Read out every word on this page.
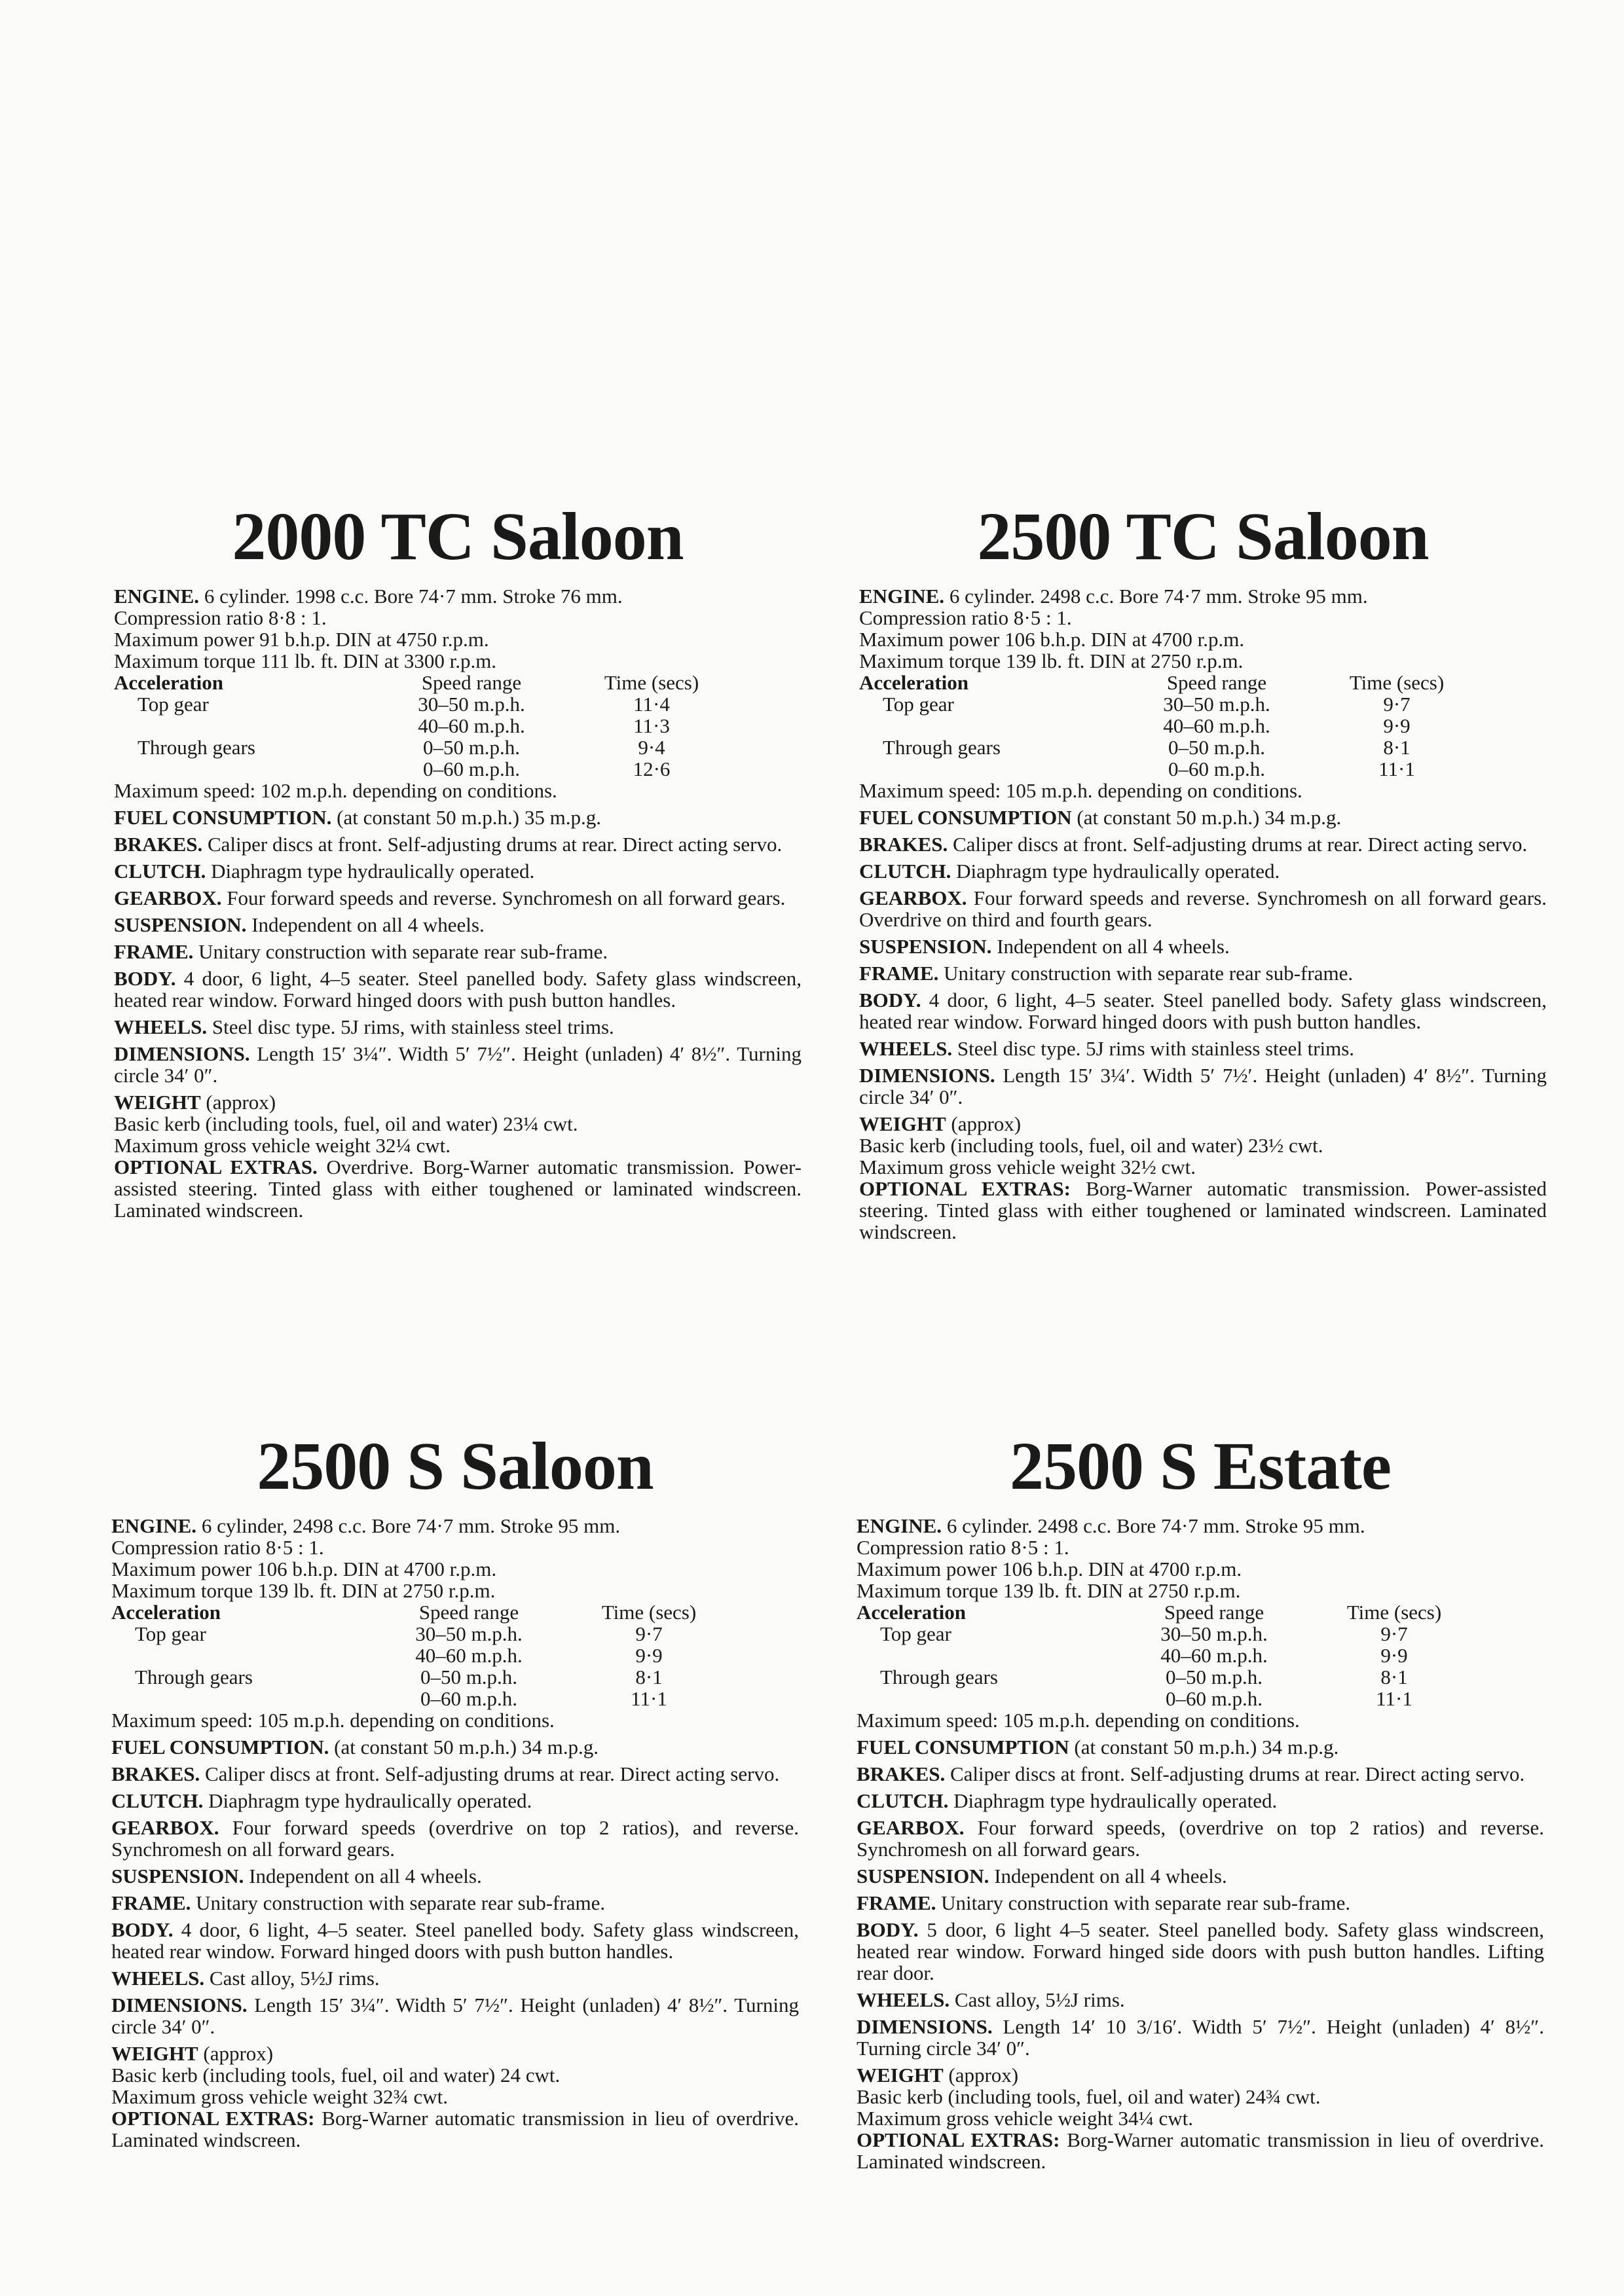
2000 TC Saloon
ENGINE. 6 cylinder. 1998 c.c. Bore 74·7 mm. Stroke 76 mm.
Compression ratio 8·8 : 1.
Maximum power 91 b.h.p. DIN at 4750 r.p.m.
Maximum torque 111 lb. ft. DIN at 3300 r.p.m.
Acceleration	Speed range	Time (secs)
Top gear	30–50 m.p.h.	11·4
	40–60 m.p.h.	11·3
Through gears	0–50 m.p.h.	9·4
	0–60 m.p.h.	12·6
Maximum speed: 102 m.p.h. depending on conditions.
FUEL CONSUMPTION. (at constant 50 m.p.h.) 35 m.p.g.
BRAKES. Caliper discs at front. Self-adjusting drums at rear. Direct acting servo.
CLUTCH. Diaphragm type hydraulically operated.
GEARBOX. Four forward speeds and reverse. Synchromesh on all forward gears.
SUSPENSION. Independent on all 4 wheels.
FRAME. Unitary construction with separate rear sub-frame.
BODY. 4 door, 6 light, 4–5 seater. Steel panelled body. Safety glass windscreen, heated rear window. Forward hinged doors with push button handles.
WHEELS. Steel disc type. 5J rims, with stainless steel trims.
DIMENSIONS. Length 15′ 3¼″. Width 5′ 7½″. Height (unladen) 4′ 8½″. Turning circle 34′ 0″.
WEIGHT (approx)
Basic kerb (including tools, fuel, oil and water) 23¼ cwt.
Maximum gross vehicle weight 32¼ cwt.
OPTIONAL EXTRAS. Overdrive. Borg-Warner automatic transmission. Power-assisted steering. Tinted glass with either toughened or laminated windscreen. Laminated windscreen.
2500 TC Saloon
ENGINE. 6 cylinder. 2498 c.c. Bore 74·7 mm. Stroke 95 mm.
Compression ratio 8·5 : 1.
Maximum power 106 b.h.p. DIN at 4700 r.p.m.
Maximum torque 139 lb. ft. DIN at 2750 r.p.m.
Acceleration	Speed range	Time (secs)
Top gear	30–50 m.p.h.	9·7
	40–60 m.p.h.	9·9
Through gears	0–50 m.p.h.	8·1
	0–60 m.p.h.	11·1
Maximum speed: 105 m.p.h. depending on conditions.
FUEL CONSUMPTION (at constant 50 m.p.h.) 34 m.p.g.
BRAKES. Caliper discs at front. Self-adjusting drums at rear. Direct acting servo.
CLUTCH. Diaphragm type hydraulically operated.
GEARBOX. Four forward speeds and reverse. Synchromesh on all forward gears. Overdrive on third and fourth gears.
SUSPENSION. Independent on all 4 wheels.
FRAME. Unitary construction with separate rear sub-frame.
BODY. 4 door, 6 light, 4–5 seater. Steel panelled body. Safety glass windscreen, heated rear window. Forward hinged doors with push button handles.
WHEELS. Steel disc type. 5J rims with stainless steel trims.
DIMENSIONS. Length 15′ 3¼′. Width 5′ 7½′. Height (unladen) 4′ 8½″. Turning circle 34′ 0″.
WEIGHT (approx)
Basic kerb (including tools, fuel, oil and water) 23½ cwt.
Maximum gross vehicle weight 32½ cwt.
OPTIONAL EXTRAS: Borg-Warner automatic transmission. Power-assisted steering. Tinted glass with either toughened or laminated windscreen. Laminated windscreen.
2500 S Saloon
ENGINE. 6 cylinder, 2498 c.c. Bore 74·7 mm. Stroke 95 mm.
Compression ratio 8·5 : 1.
Maximum power 106 b.h.p. DIN at 4700 r.p.m.
Maximum torque 139 lb. ft. DIN at 2750 r.p.m.
Acceleration	Speed range	Time (secs)
Top gear	30–50 m.p.h.	9·7
	40–60 m.p.h.	9·9
Through gears	0–50 m.p.h.	8·1
	0–60 m.p.h.	11·1
Maximum speed: 105 m.p.h. depending on conditions.
FUEL CONSUMPTION. (at constant 50 m.p.h.) 34 m.p.g.
BRAKES. Caliper discs at front. Self-adjusting drums at rear. Direct acting servo.
CLUTCH. Diaphragm type hydraulically operated.
GEARBOX. Four forward speeds (overdrive on top 2 ratios), and reverse. Synchromesh on all forward gears.
SUSPENSION. Independent on all 4 wheels.
FRAME. Unitary construction with separate rear sub-frame.
BODY. 4 door, 6 light, 4–5 seater. Steel panelled body. Safety glass windscreen, heated rear window. Forward hinged doors with push button handles.
WHEELS. Cast alloy, 5½J rims.
DIMENSIONS. Length 15′ 3¼″. Width 5′ 7½″. Height (unladen) 4′ 8½″. Turning circle 34′ 0″.
WEIGHT (approx)
Basic kerb (including tools, fuel, oil and water) 24 cwt.
Maximum gross vehicle weight 32¾ cwt.
OPTIONAL EXTRAS: Borg-Warner automatic transmission in lieu of overdrive. Laminated windscreen.
2500 S Estate
ENGINE. 6 cylinder. 2498 c.c. Bore 74·7 mm. Stroke 95 mm.
Compression ratio 8·5 : 1.
Maximum power 106 b.h.p. DIN at 4700 r.p.m.
Maximum torque 139 lb. ft. DIN at 2750 r.p.m.
Acceleration	Speed range	Time (secs)
Top gear	30–50 m.p.h.	9·7
	40–60 m.p.h.	9·9
Through gears	0–50 m.p.h.	8·1
	0–60 m.p.h.	11·1
Maximum speed: 105 m.p.h. depending on conditions.
FUEL CONSUMPTION (at constant 50 m.p.h.) 34 m.p.g.
BRAKES. Caliper discs at front. Self-adjusting drums at rear. Direct acting servo.
CLUTCH. Diaphragm type hydraulically operated.
GEARBOX. Four forward speeds, (overdrive on top 2 ratios) and reverse. Synchromesh on all forward gears.
SUSPENSION. Independent on all 4 wheels.
FRAME. Unitary construction with separate rear sub-frame.
BODY. 5 door, 6 light 4–5 seater. Steel panelled body. Safety glass windscreen, heated rear window. Forward hinged side doors with push button handles. Lifting rear door.
WHEELS. Cast alloy, 5½J rims.
DIMENSIONS. Length 14′ 10 3/16′. Width 5′ 7½″. Height (unladen) 4′ 8½″. Turning circle 34′ 0″.
WEIGHT (approx)
Basic kerb (including tools, fuel, oil and water) 24¾ cwt.
Maximum gross vehicle weight 34¼ cwt.
OPTIONAL EXTRAS: Borg-Warner automatic transmission in lieu of overdrive. Laminated windscreen.
